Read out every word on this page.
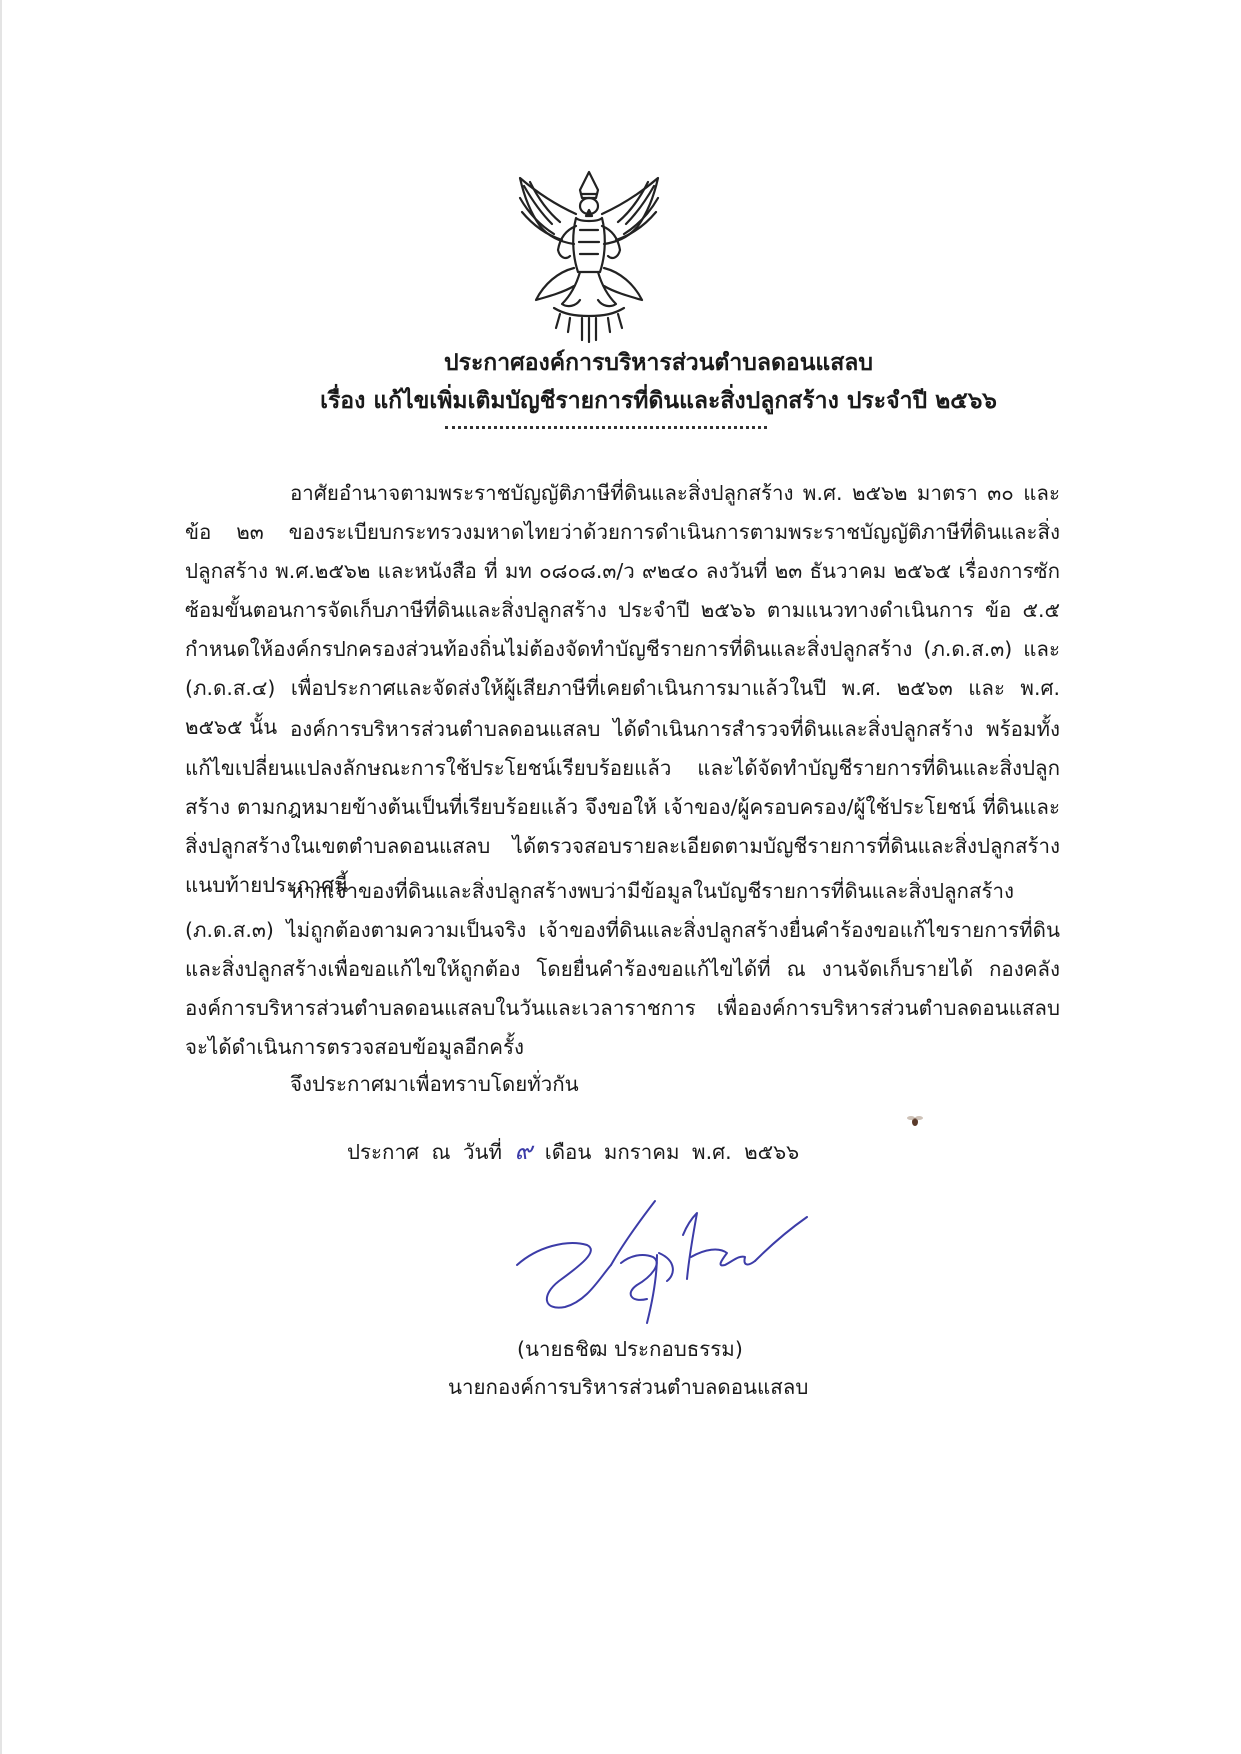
ประกาศองค์การบริหารส่วนตำบลดอนแสลบ
เรื่อง แก้ไขเพิ่มเติมบัญชีรายการที่ดินและสิ่งปลูกสร้าง ประจำปี ๒๕๖๖
อาศัยอำนาจตามพระราชบัญญัติภาษีที่ดินและสิ่งปลูกสร้าง พ.ศ. ๒๕๖๒ มาตรา ๓๐ และ ข้อ ๒๓ ของระเบียบกระทรวงมหาดไทยว่าด้วยการดำเนินการตามพระราชบัญญัติภาษีที่ดินและสิ่งปลูกสร้าง พ.ศ.๒๕๖๒ และหนังสือ ที่ มท ๐๘๐๘.๓/ว ๙๒๔๐ ลงวันที่ ๒๓ ธันวาคม ๒๕๖๕ เรื่องการซักซ้อมขั้นตอนการจัดเก็บภาษีที่ดินและสิ่งปลูกสร้าง ประจำปี ๒๕๖๖ ตามแนวทางดำเนินการ ข้อ ๕.๕ กำหนดให้องค์กรปกครองส่วนท้องถิ่นไม่ต้องจัดทำบัญชีรายการที่ดินและสิ่งปลูกสร้าง (ภ.ด.ส.๓) และ (ภ.ด.ส.๔) เพื่อประกาศและจัดส่งให้ผู้เสียภาษีที่เคยดำเนินการมาแล้วในปี พ.ศ. ๒๕๖๓ และ พ.ศ. ๒๕๖๕ นั้น องค์การบริหารส่วนตำบลดอนแสลบ ได้ดำเนินการสำรวจที่ดินและสิ่งปลูกสร้าง พร้อมทั้งแก้ไขเปลี่ยนแปลงลักษณะการใช้ประโยชน์เรียบร้อยแล้ว และได้จัดทำบัญชีรายการที่ดินและสิ่งปลูกสร้าง ตามกฎหมายข้างต้นเป็นที่เรียบร้อยแล้ว จึงขอให้ เจ้าของ/ผู้ครอบครอง/ผู้ใช้ประโยชน์ ที่ดินและสิ่งปลูกสร้างในเขตตำบลดอนแสลบ ได้ตรวจสอบรายละเอียดตามบัญชีรายการที่ดินและสิ่งปลูกสร้าง แนบท้ายประกาศนี้
หากเจ้าของที่ดินและสิ่งปลูกสร้างพบว่ามีข้อมูลในบัญชีรายการที่ดินและสิ่งปลูกสร้าง (ภ.ด.ส.๓) ไม่ถูกต้องตามความเป็นจริง เจ้าของที่ดินและสิ่งปลูกสร้างยื่นคำร้องขอแก้ไขรายการที่ดินและสิ่งปลูกสร้างเพื่อขอแก้ไขให้ถูกต้อง โดยยื่นคำร้องขอแก้ไขได้ที่ ณ งานจัดเก็บรายได้ กองคลัง องค์การบริหารส่วนตำบลดอนแสลบในวันและเวลาราชการ เพื่อองค์การบริหารส่วนตำบลดอนแสลบจะได้ดำเนินการตรวจสอบข้อมูลอีกครั้ง
จึงประกาศมาเพื่อทราบโดยทั่วกัน
ประกาศ ณ วันที่ ๙ เดือน มกราคม พ.ศ. ๒๕๖๖
(นายธชิฒ ประกอบธรรม)
นายกองค์การบริหารส่วนตำบลดอนแสลบ
